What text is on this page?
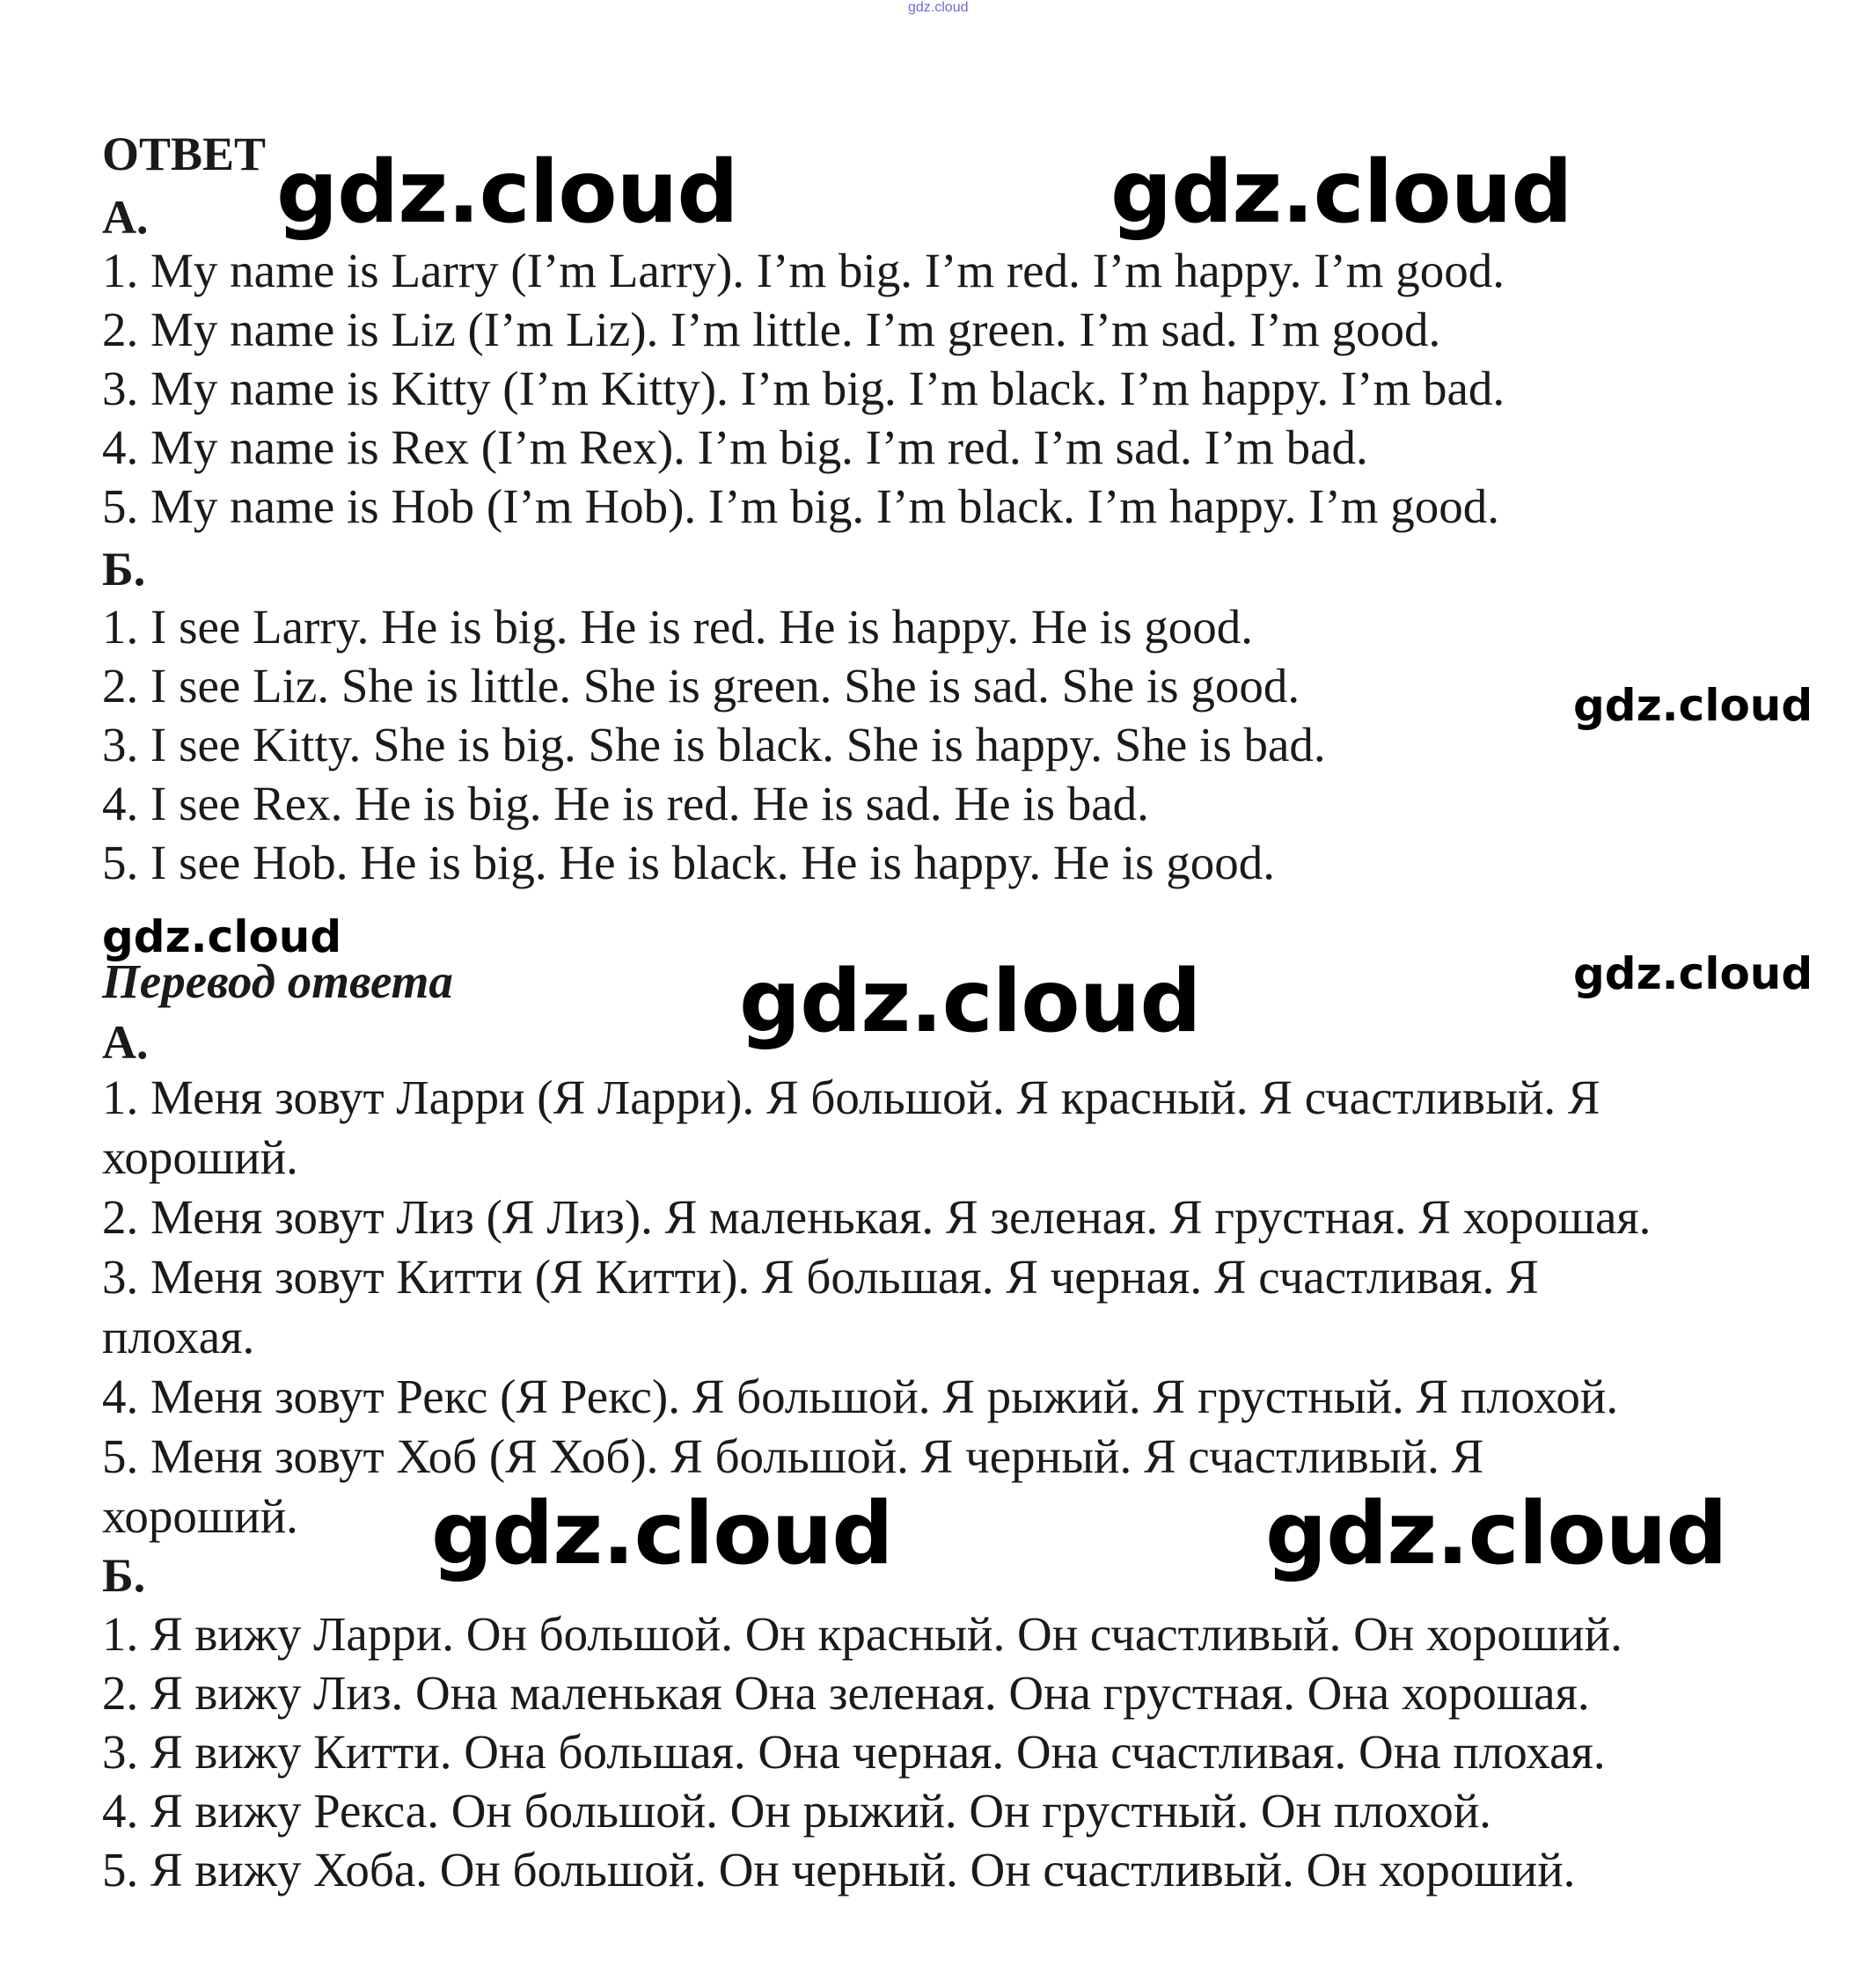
gdz.cloud
ОТВЕТ
А.
1. My name is Larry (I’m Larry). I’m big. I’m red. I’m happy. I’m good.
2. My name is Liz (I’m Liz). I’m little. I’m green. I’m sad. I’m good.
3. My name is Kitty (I’m Kitty). I’m big. I’m black. I’m happy. I’m bad.
4. My name is Rex (I’m Rex). I’m big. I’m red. I’m sad. I’m bad.
5. My name is Hob (I’m Hob). I’m big. I’m black. I’m happy. I’m good.
Б.
1. I see Larry. He is big. He is red. He is happy. He is good.
2. I see Liz. She is little. She is green. She is sad. She is good.
3. I see Kitty. She is big. She is black. She is happy. She is bad.
4. I see Rex. He is big. He is red. He is sad. He is bad.
5. I see Hob. He is big. He is black. He is happy. He is good.
Перевод ответа
А.
1. Меня зовут Ларри (Я Ларри). Я большой. Я красный. Я счастливый. Я
хороший.
2. Меня зовут Лиз (Я Лиз). Я маленькая. Я зеленая. Я грустная. Я хорошая.
3. Меня зовут Китти (Я Китти). Я большая. Я черная. Я счастливая. Я
плохая.
4. Меня зовут Рекс (Я Рекс). Я большой. Я рыжий. Я грустный. Я плохой.
5. Меня зовут Хоб (Я Хоб). Я большой. Я черный. Я счастливый. Я
хороший.
Б.
1. Я вижу Ларри. Он большой. Он красный. Он счастливый. Он хороший.
2. Я вижу Лиз. Она маленькая Она зеленая. Она грустная. Она хорошая.
3. Я вижу Китти. Она большая. Она черная. Она счастливая. Она плохая.
4. Я вижу Рекса. Он большой. Он рыжий. Он грустный. Он плохой.
5. Я вижу Хоба. Он большой. Он черный. Он счастливый. Он хороший.
gdz.cloud	gdz.cloud
gdz.cloud
gdz.cloud
gdz.cloud
gdz.cloud
gdz.cloud	gdz.cloud
